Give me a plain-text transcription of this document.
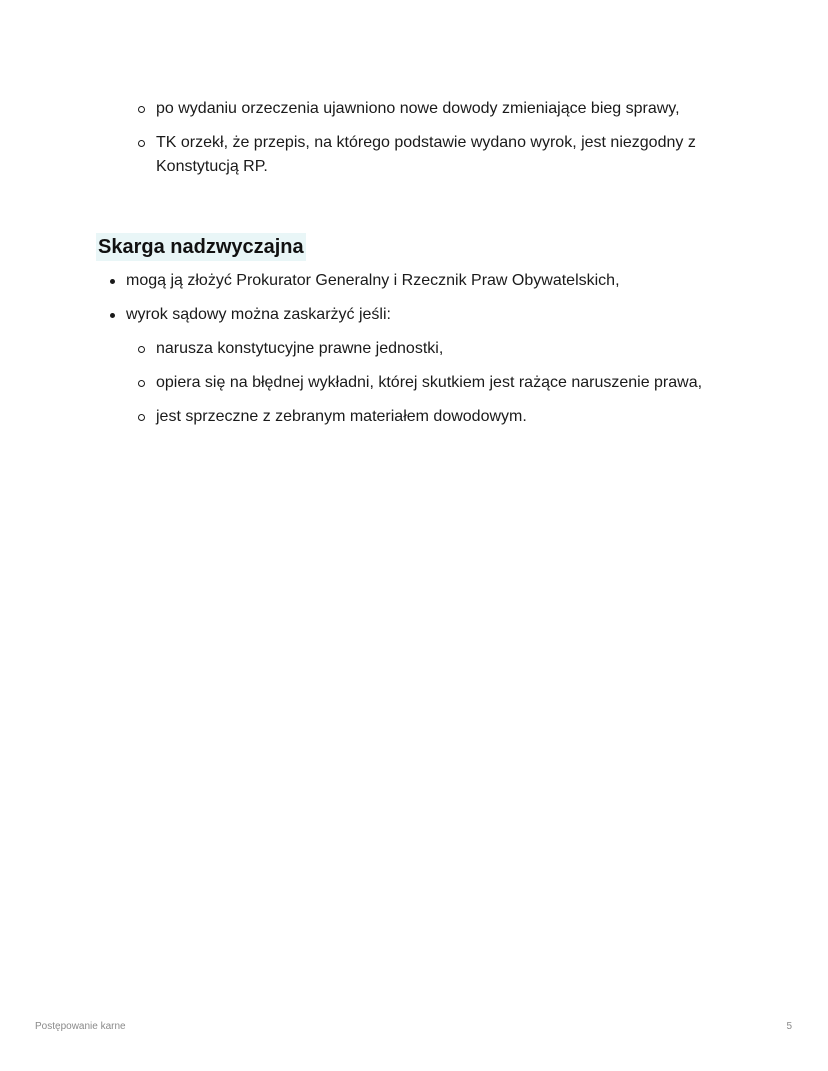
po wydaniu orzeczenia ujawniono nowe dowody zmieniające bieg sprawy,
TK orzekł, że przepis, na którego podstawie wydano wyrok, jest niezgodny z Konstytucją RP.
Skarga nadzwyczajna
mogą ją złożyć Prokurator Generalny i Rzecznik Praw Obywatelskich,
wyrok sądowy można zaskarżyć jeśli:
narusza konstytucyjne prawne jednostki,
opiera się na błędnej wykładni, której skutkiem jest rażące naruszenie prawa,
jest sprzeczne z zebranym materiałem dowodowym.
Postępowanie karne	5
